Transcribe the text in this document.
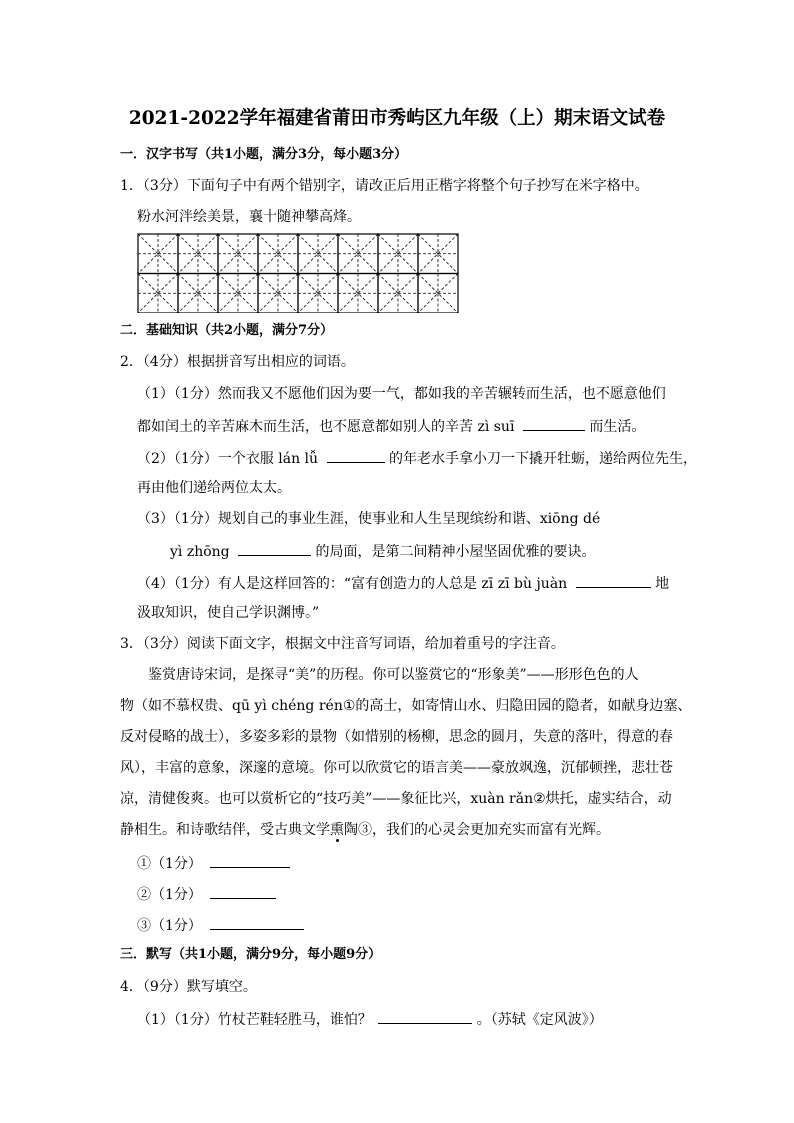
2021-2022学年福建省莆田市秀屿区九年级（上）期末语文试卷
一．汉字书写（共1小题，满分3分，每小题3分）
1．（3分）下面句子中有两个错别字，请改正后用正楷字将整个句子抄写在米字格中。
粉水河泮绘美景，襄十随神攀高烽。
二．基础知识（共2小题，满分7分）
2．（4分）根据拼音写出相应的词语。
（1）（1分）然而我又不愿他们因为要一气，都如我的辛苦辗转而生活，也不愿意他们
都如闰土的辛苦麻木而生活，也不愿意都如别人的辛苦 zì suī	而生活。
（2）（1分）一个衣服 lán lǚ	的年老水手拿小刀一下撬开牡蛎，递给两位先生，
再由他们递给两位太太。
（3）（1分）规划自己的事业生涯，使事业和人生呈现缤纷和谐、xiōng dé
yì zhōng	的局面，是第二间精神小屋坚固优雅的要诀。
（4）（1分）有人是这样回答的：“富有创造力的人总是 zī zī bù juàn	地
汲取知识，使自己学识渊博。”
3．（3分）阅读下面文字，根据文中注音写词语，给加着重号的字注音。
鉴赏唐诗宋词，是探寻“美”的历程。你可以鉴赏它的“形象美”——形形色色的人
物（如不慕权贵、qū yì chéng rén①的高士，如寄情山水、归隐田园的隐者，如献身边塞、
反对侵略的战士），多姿多彩的景物（如惜别的杨柳，思念的圆月，失意的落叶，得意的春
风），丰富的意象，深邃的意境。你可以欣赏它的语言美——豪放飒逸，沉郁顿挫，悲壮苍
凉，清健俊爽。也可以赏析它的“技巧美”——象征比兴，xuàn rǎn②烘托，虚实结合，动
静相生。和诗歌结伴，受古典文学熏
陶③，我们的心灵会更加充实而富有光辉。
①（1分）
②（1分）
③（1分）
三．默写（共1小题，满分9分，每小题9分）
4．（9分）默写填空。
（1）（1分）竹杖芒鞋轻胜马，谁怕？	。（苏轼《定风波》）
